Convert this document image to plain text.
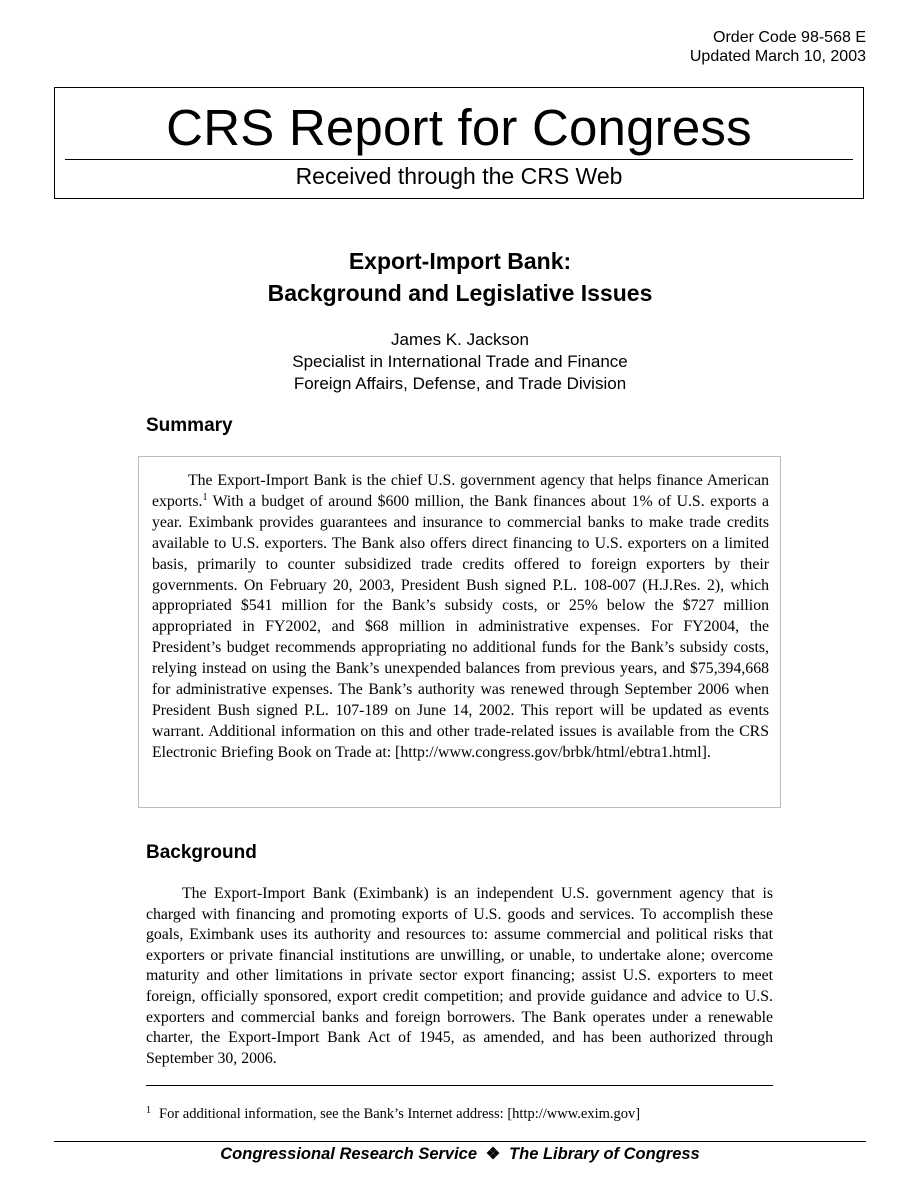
Order Code 98-568 E
Updated March 10, 2003
CRS Report for Congress
Received through the CRS Web
Export-Import Bank:
Background and Legislative Issues
James K. Jackson
Specialist in International Trade and Finance
Foreign Affairs, Defense, and Trade Division
Summary

The Export-Import Bank is the chief U.S. government agency that helps finance American exports.$^1$ With a budget of around $600 million, the Bank finances about 1% of U.S. exports a year. Eximbank provides guarantees and insurance to commercial banks to make trade credits available to U.S. exporters. The Bank also offers direct financing to U.S. exporters on a limited basis, primarily to counter subsidized trade credits offered to foreign exporters by their governments. On February 20, 2003, President Bush signed P.L. 108-007 (H.J.Res. 2), which appropriated $541 million for the Bank’s subsidy costs, or 25% below the $727 million appropriated in FY2002, and $68 million in administrative expenses. For FY2004, the President’s budget recommends appropriating no additional funds for the Bank’s subsidy costs, relying instead on using the Bank’s unexpended balances from previous years, and $75,394,668 for administrative expenses. The Bank’s authority was renewed through September 2006 when President Bush signed P.L. 107-189 on June 14, 2002. This report will be updated as events warrant. Additional information on this and other trade-related issues is available from the CRS Electronic Briefing Book on Trade at: [http://www.congress.gov/brbk/html/ebtra1.html].

Background

The Export-Import Bank (Eximbank) is an independent U.S. government agency that is charged with financing and promoting exports of U.S. goods and services. To accomplish these goals, Eximbank uses its authority and resources to: assume commercial and political risks that exporters or private financial institutions are unwilling, or unable, to undertake alone; overcome maturity and other limitations in private sector export financing; assist U.S. exporters to meet foreign, officially sponsored, export credit competition; and provide guidance and advice to U.S. exporters and commercial banks and foreign borrowers. The Bank operates under a renewable charter, the Export-Import Bank Act of 1945, as amended, and has been authorized through September 30, 2006.

$^1$ For additional information, see the Bank’s Internet address: [http://www.exim.gov]
Congressional Research Service ❖ The Library of Congress
